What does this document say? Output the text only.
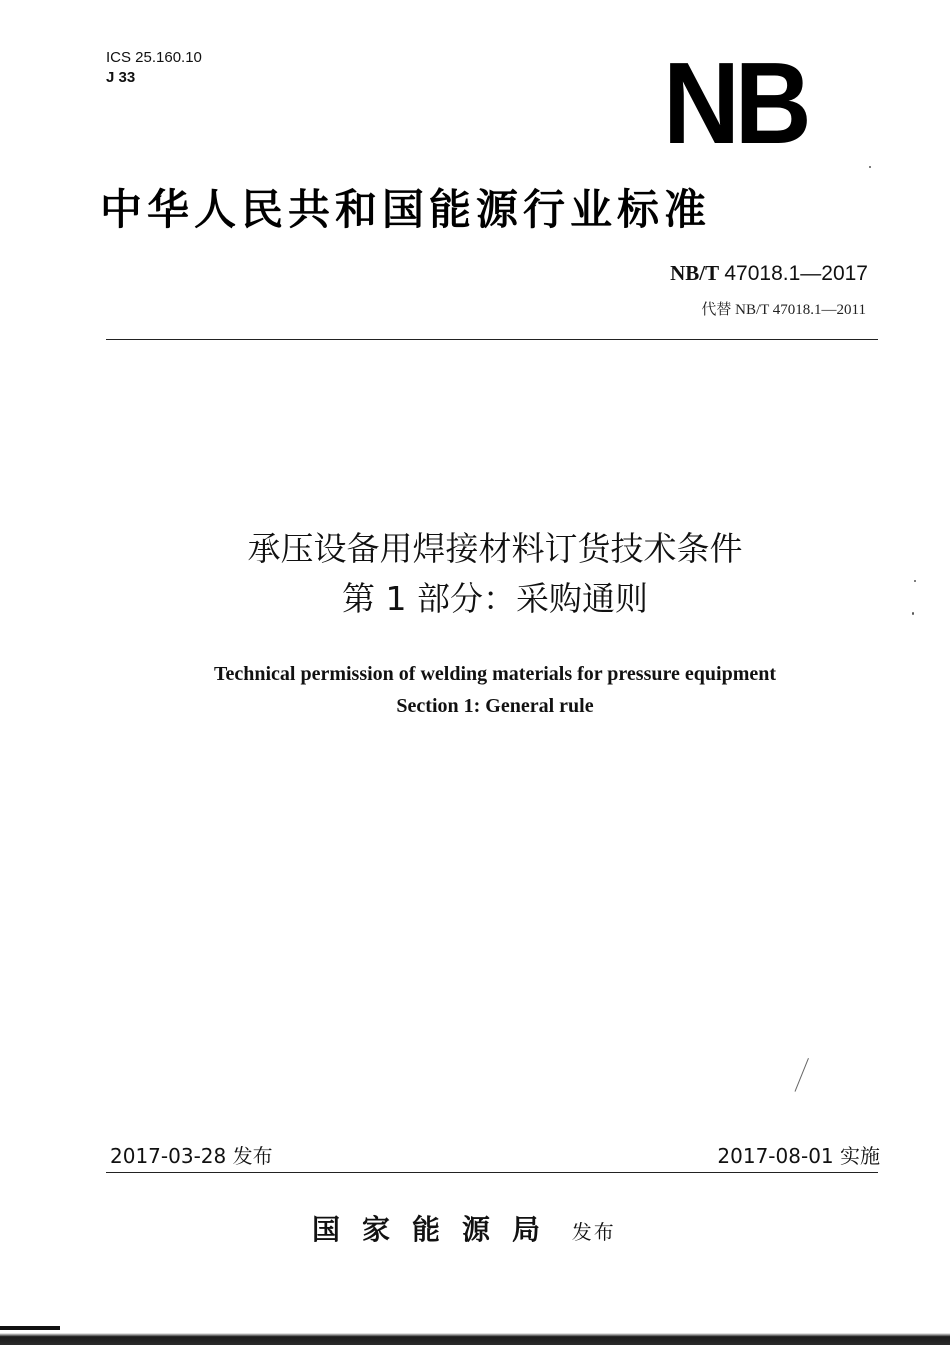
ICS 25.160.10
J 33	NB
中华人民共和国能源行业标准
NB/T 47018.1—2017
代替 NB/T 47018.1—2011
承压设备用焊接材料订货技术条件
第 1 部分：采购通则
Technical permission of welding materials for pressure equipment
Section 1: General rule
2017-03-28 发布	2017-08-01 实施
国家能源局 发布
